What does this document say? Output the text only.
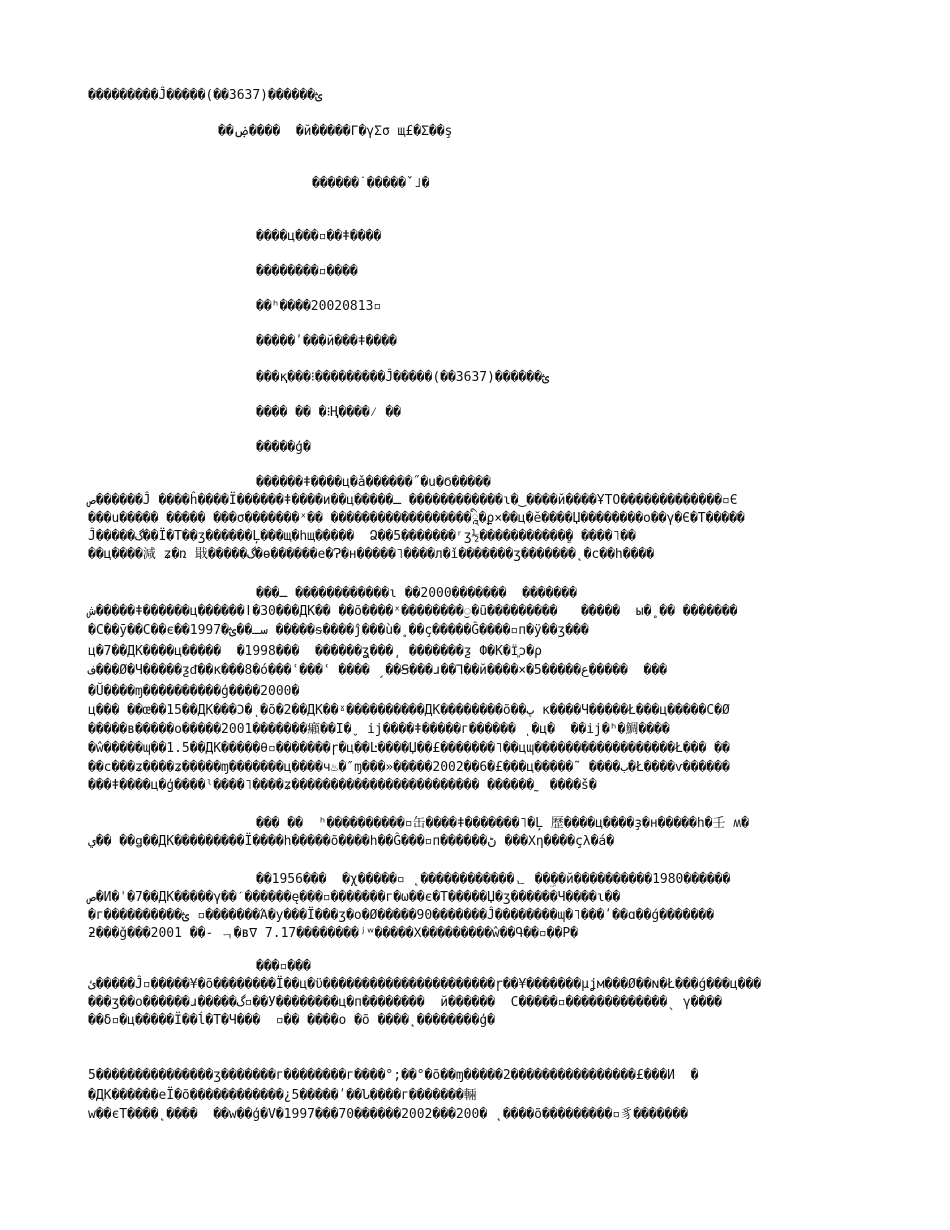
���������Ĵ�����(��3637)������ؿ
��ۻ����  �й�����Γ�γΣσ щ£�Σ��ş
������˙�����ˇ˩�
����ц���▫��ǂ����
��������▫����
��ʰ����20020813▫
�����ʹ���й���ǂ����
���қ���⁝���������Ĵ�����(��3637)������ؿ
���� �� �⁝Ң����⁄ ��
�����ģ�
������ǂ����ц�ǎ������˝�ս�Ϭ�����
ص������Ĵ ����ĥ����Ϊ������ǂ����и��ц�����ـ ������������ɩ�‿����й����ҰТО�������������▫Є
���ս����� ����� ���σ�������ˣ�� ������������������ཱི�ϼ×��ц�ӗ����Џ��������ο��γ�Є�Т�����
Ĵ�����گ��Ï�Т��ʒ������Ļ���щ�hщ�����  Ձ��5�������ʳʒ½������������ٍ ����˥��
��ц����減 ʑ�ռ 戢�����گ�ѳ������e�Ɂ�н�����˥����л�ǐ�������ʒ�������˛�с��h����
���ـ ������������ɩ ��2000�������  �������
ش�����ǂ������ц������ǀ�30���ДК�� ��õ����ˣ��������ॖ�ũ���������   �����  ы�˳�� �������
�С��ӯ��С��є��1997�سـ��ؿ �����ᵴ����ĵ���ù�˳��ç�����Ĝ����▫п�ÿ��ʒ���
ц�7��ДК����ц�����  �1998���  ������ʓ���͵ �������ƺ Ф�К�Ϊ͈ɔ�ρ
ف���Ø�Ч�����ƺᵭ��к���8�ó���ʿ���ʿ ���� ˏ��Ꞩ���ɹ��Ꞁ��й����×�5�����ع�����  ���
�Ŭ����ɱ����������ģ����2000�
ц��� ��œ��15��ДК���Ͻ�ͺ�õ�2��ДК��ˠ����������ДК��������õ��پ к����Ч�����Ł���ц�����С�Ø
�����ʙ�����о�����2001�������癩��І�ˬ ij����ǂ�����г������ ͺ�ц�  ��ij�ʰ�鯛����
�ŵ�����ɰ��1.5��ДК�����θ▫�������ɼ�ц��Ŀ����Џ��£�������˥��цɰ������������������Ł��� ��
��с���ʑ����ʑ�����ɱ�������ц����ч♨�″ɱ���»�����2002��6�£���ц�����˜ ����ب�Ł����ѵ������
���ǂ����ц�ģ����ˡ����˥����ʑ������������������������ ������˷ ����š�
��� ��  ʰ����������▫缶����ǂ�������˥�Ļ 歷����ц����ҙ�н�����h�壬 ʍ�
ي�� ��ǥ��ДК���������Ï����h�����õ����h��Ĝ���▫п������ڻ ���Χη����çλ�á�
��1956���  �χ�����▫ ˛������������ᆫ ��ۣ��й����������1980������
ص�И�ˈ�7��ДК�����γ��ˊ������ę���▫�������г�ω��є�Т�����Џ�ʒ������Ч����ɩ��
�г����������ؿ ▫�������Ά�у���Ï���ʒ�о�Ø�����90�������Ĵ��������ɰ�˥���ʹ��ɑ��ǵ�������
ƻ���ǧ���2001 ��֊ ᆨ�ʙ∇ 7.17��������ʲʷ�����Χ���������ŵ��Գ��▫��Р�
���▫���
ئ�����Ĵ▫�����¥�õ��������Ï��ц�ϋ����������������������ɼ��¥�������µʝм���Ø��ɴ�Ł���ǵ���ц���
���ʒ��о������ɹ�����گ▫��У��������ц�п��������  й������  С�����▫�������������ˎ γ����
��δ▫�ц�����Ϊ��ĺ�Т�Ч���  ▫�� ����о �õ ����˛��������ģ�
5���������������ʒ�������г��������г����°;��°�õ��ɱ�����2����������������£���И  �
�ДК������еÏ�õ������������¿5�����ʹ��Ն����г�������輛
w��єТ����˛����  ��w��ģ�V�1997���70������2002���200� ˛����õ���������▫豸�������
